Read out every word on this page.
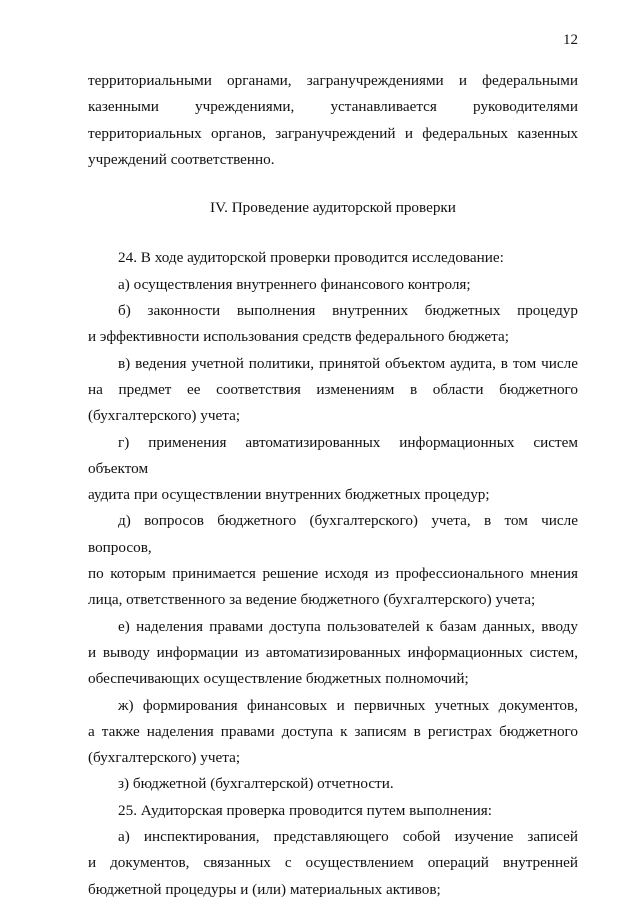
12
территориальными органами, загранучреждениями и федеральными
казенными учреждениями, устанавливается руководителями
территориальных органов, загранучреждений и федеральных казенных
учреждений соответственно.
IV. Проведение аудиторской проверки

24. В ходе аудиторской проверки проводится исследование:

а) осуществления внутреннего финансового контроля;

б) законности выполнения внутренних бюджетных процедур
и эффективности использования средств федерального бюджета;
в) ведения учетной политики, принятой объектом аудита, в том числе
на предмет ее соответствия изменениям в области бюджетного
(бухгалтерского) учета;
г) применения автоматизированных информационных систем объектом
аудита при осуществлении внутренних бюджетных процедур;
д) вопросов бюджетного (бухгалтерского) учета, в том числе вопросов,
по которым принимается решение исходя из профессионального мнения
лица, ответственного за ведение бюджетного (бухгалтерского) учета;
е) наделения правами доступа пользователей к базам данных, вводу
и выводу информации из автоматизированных информационных систем,
обеспечивающих осуществление бюджетных полномочий;
ж) формирования финансовых и первичных учетных документов,
а также наделения правами доступа к записям в регистрах бюджетного
(бухгалтерского) учета;

з) бюджетной (бухгалтерской) отчетности.

25. Аудиторская проверка проводится путем выполнения:

а) инспектирования, представляющего собой изучение записей
и документов, связанных с осуществлением операций внутренней
бюджетной процедуры и (или) материальных активов;
